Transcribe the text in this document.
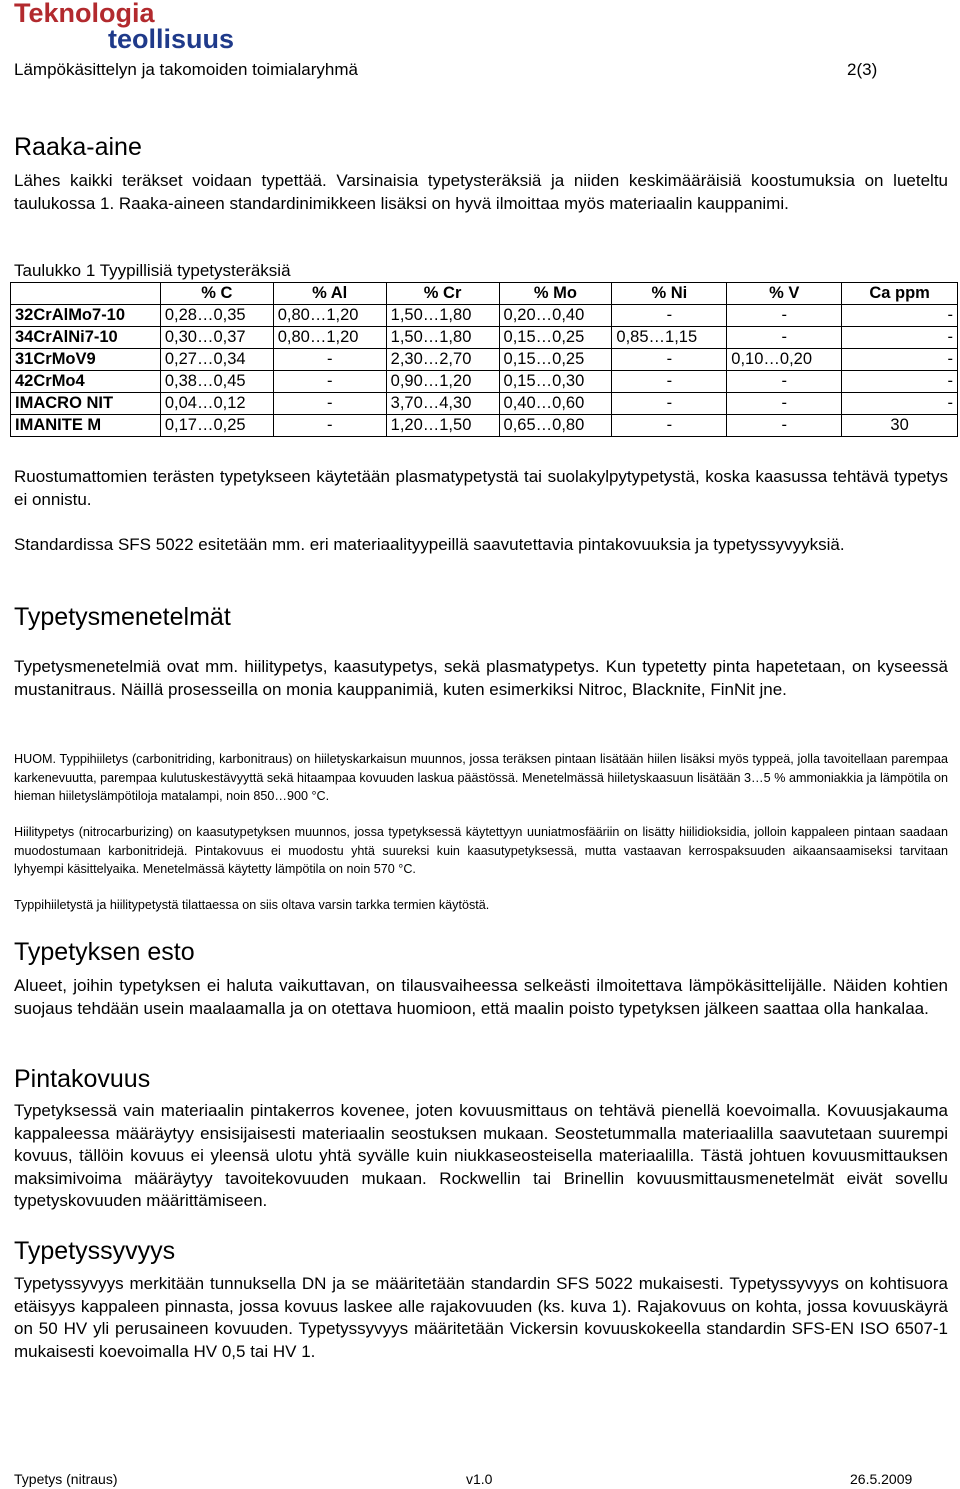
Teknologia
teollisuus
Lämpökäsittelyn ja takomoiden toimialaryhmä	2(3)
Raaka-aine

Lähes kaikki teräkset voidaan typettää. Varsinaisia typetysteräksiä ja niiden keskimääräisiä koostumuksia on lueteltu taulukossa 1. Raaka-aineen standardinimikkeen lisäksi on hyvä ilmoittaa myös materiaalin kauppanimi.

Taulukko 1 Tyypillisiä typetysteräksiä
	% C	% Al	% Cr	% Mo	% Ni	% V	Ca ppm
32CrAlMo7-10	0,28…0,35	0,80…1,20	1,50…1,80	0,20…0,40	-	-	-
34CrAlNi7-10	0,30…0,37	0,80…1,20	1,50…1,80	0,15…0,25	0,85…1,15	-	-
31CrMoV9	0,27…0,34	-	2,30…2,70	0,15…0,25	-	0,10…0,20	-
42CrMo4	0,38…0,45	-	0,90…1,20	0,15…0,30	-	-	-
IMACRO NIT	0,04…0,12	-	3,70…4,30	0,40…0,60	-	-	-
IMANITE M	0,17…0,25	-	1,20…1,50	0,65…0,80	-	-	30

Ruostumattomien terästen typetykseen käytetään plasmatypetystä tai suolakylpytypetystä, koska kaasussa tehtävä typetys ei onnistu.

Standardissa SFS 5022 esitetään mm. eri materiaalityypeillä saavutettavia pintakovuuksia ja typetyssyvyyksiä.

Typetysmenetelmät

Typetysmenetelmiä ovat mm. hiilitypetys, kaasutypetys, sekä plasmatypetys. Kun typetetty pinta hapetetaan, on kyseessä mustanitraus. Näillä prosesseilla on monia kauppanimiä, kuten esimerkiksi Nitroc, Blacknite, FinNit jne.

HUOM. Typpihiiletys (carbonitriding, karbonitraus) on hiiletyskarkaisun muunnos, jossa teräksen pintaan lisätään hiilen lisäksi myös typpeä, jolla tavoitellaan parempaa karkenevuutta, parempaa kulutuskestävyyttä sekä hitaampaa kovuuden laskua päästössä. Menetelmässä hiiletyskaasuun lisätään 3…5 % ammoniakkia ja lämpötila on hieman hiiletyslämpötiloja matalampi, noin 850…900 °C.

Hiilitypetys (nitrocarburizing) on kaasutypetyksen muunnos, jossa typetyksessä käytettyyn uuniatmosfääriin on lisätty hiilidioksidia, jolloin kappaleen pintaan saadaan muodostumaan karbonitridejä. Pintakovuus ei muodostu yhtä suureksi kuin kaasutypetyksessä, mutta vastaavan kerrospaksuuden aikaansaamiseksi tarvitaan lyhyempi käsittelyaika. Menetelmässä käytetty lämpötila on noin 570 °C.

Typpihiiletystä ja hiilitypetystä tilattaessa on siis oltava varsin tarkka termien käytöstä.

Typetyksen esto

Alueet, joihin typetyksen ei haluta vaikuttavan, on tilausvaiheessa selkeästi ilmoitettava lämpökäsittelijälle. Näiden kohtien suojaus tehdään usein maalaamalla ja on otettava huomioon, että maalin poisto typetyksen jälkeen saattaa olla hankalaa.

Pintakovuus

Typetyksessä vain materiaalin pintakerros kovenee, joten kovuusmittaus on tehtävä pienellä koevoimalla. Kovuusjakauma kappaleessa määräytyy ensisijaisesti materiaalin seostuksen mukaan. Seostetummalla materiaalilla saavutetaan suurempi kovuus, tällöin kovuus ei yleensä ulotu yhtä syvälle kuin niukkaseosteisella materiaalilla. Tästä johtuen kovuusmittauksen maksimivoima määräytyy tavoitekovuuden mukaan. Rockwellin tai Brinellin kovuusmittausmenetelmät eivät sovellu typetyskovuuden määrittämiseen.

Typetyssyvyys

Typetyssyvyys merkitään tunnuksella DN ja se määritetään standardin SFS 5022 mukaisesti. Typetyssyvyys on kohtisuora etäisyys kappaleen pinnasta, jossa kovuus laskee alle rajakovuuden (ks. kuva 1). Rajakovuus on kohta, jossa kovuuskäyrä on 50 HV yli perusaineen kovuuden. Typetyssyvyys määritetään Vickersin kovuuskokeella standardin SFS-EN ISO 6507-1 mukaisesti koevoimalla HV 0,5 tai HV 1.

Typetys (nitraus)	v1.0	26.5.2009
